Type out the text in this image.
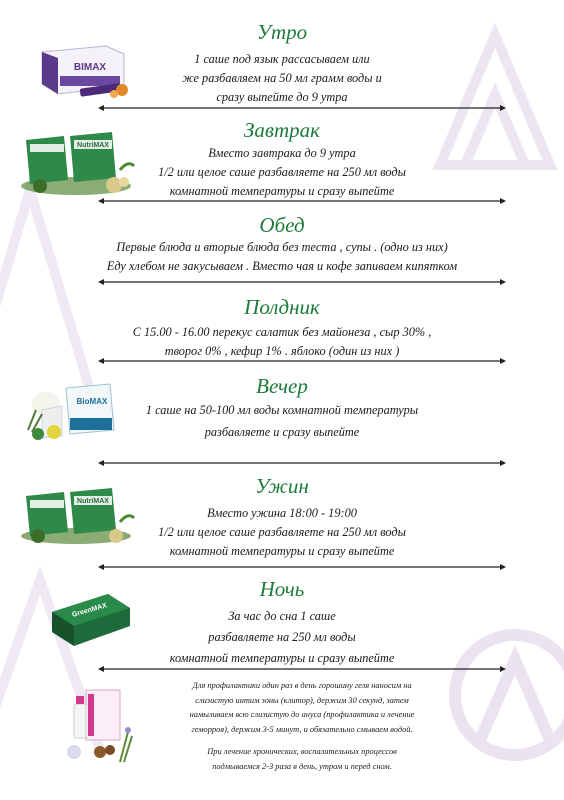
Утро

1 саше под язык рассасываем или

же разбавляем на 50 мл грамм воды и

сразу выпейте до 9 утра

Завтрак

Вместо завтрака до 9 утра

1/2 или целое саше разбавляете на 250 мл воды

комнатной температуры и сразу выпейте

Обед

Первые блюда и вторые блюда без теста , супы . (одно из них)

Еду хлебом не закусываем . Вместо чая и кофе запиваем кипятком

Полдник

С 15.00 - 16.00 перекус салатик без майонеза , сыр 30% ,

творог 0% , кефир 1% . яблоко (один из них )

Вечер

1 саше на 50-100 мл воды комнатной температуры

разбавляете и сразу выпейте

Ужин

Вместо ужина 18:00 - 19:00

1/2 или целое саше разбавляете на 250 мл воды

комнатной температуры и сразу выпейте

Ночь

За час до сна 1 саше

разбавляете на 250 мл воды

комнатной температуры и сразу выпейте

Для профилактики один раз в день горошину геля наносим на

слизистую интим зоны (клитор), держим 30 секунд, затем

намыливаем всю слизистую до ануса (профилактика и лечение

геморроя), держим 3-5 минут, и обязательно смываем водой.

При лечение хронических, воспалительных процессов

подмываемся 2-3 раза в день, утром и перед сном.

BIMAX
NutriMAX
BioMAX
NutriMAX
GreenMAX
